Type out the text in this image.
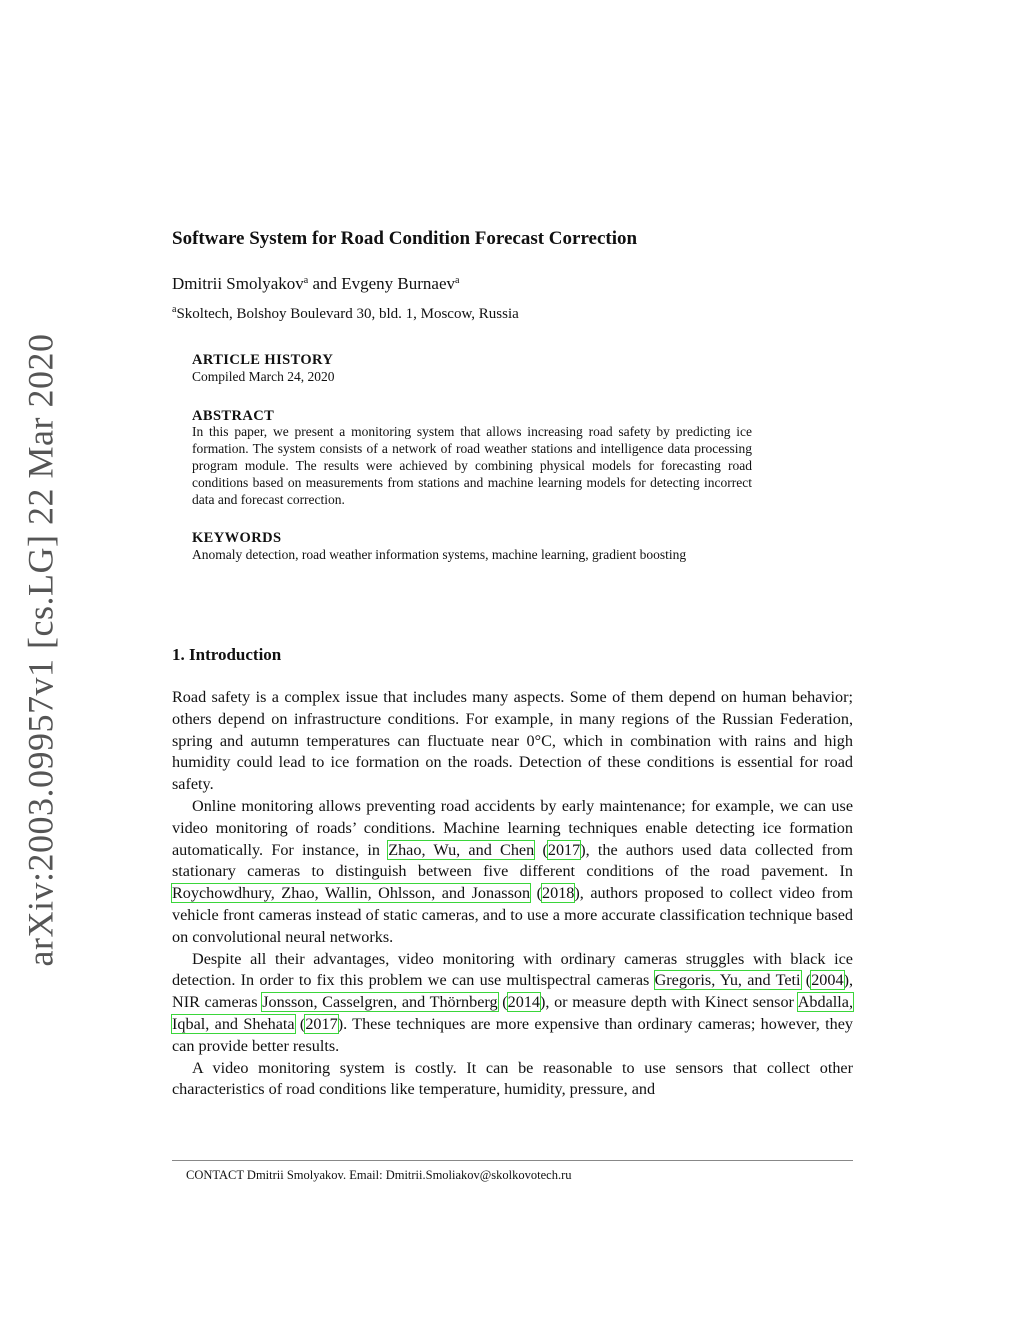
arXiv:2003.09957v1 [cs.LG] 22 Mar 2020
Software System for Road Condition Forecast Correction
Dmitrii Smolyakov$^a$ and Evgeny Burnaev$^a$
$^a$Skoltech, Bolshoy Boulevard 30, bld. 1, Moscow, Russia

ARTICLE HISTORY

Compiled March 24, 2020

ABSTRACT

In this paper, we present a monitoring system that allows increasing road safety by predicting ice formation. The system consists of a network of road weather stations and intelligence data processing program module. The results were achieved by combining physical models for forecasting road conditions based on measurements from stations and machine learning models for detecting incorrect data and forecast correction.

KEYWORDS

Anomaly detection, road weather information systems, machine learning, gradient boosting

1. Introduction

Road safety is a complex issue that includes many aspects. Some of them depend on human behavior; others depend on infrastructure conditions. For example, in many regions of the Russian Federation, spring and autumn temperatures can fluctuate near 0°C, which in combination with rains and high humidity could lead to ice formation on the roads. Detection of these conditions is essential for road safety.

Online monitoring allows preventing road accidents by early maintenance; for example, we can use video monitoring of roads’ conditions. Machine learning techniques enable detecting ice formation automatically. For instance, in Zhao, Wu, and Chen (2017), the authors used data collected from stationary cameras to distinguish between five different conditions of the road pavement. In Roychowdhury, Zhao, Wallin, Ohlsson, and Jonasson (2018), authors proposed to collect video from vehicle front cameras instead of static cameras, and to use a more accurate classification technique based on convolutional neural networks.

Despite all their advantages, video monitoring with ordinary cameras struggles with black ice detection. In order to fix this problem we can use multispectral cameras Gregoris, Yu, and Teti (2004), NIR cameras Jonsson, Casselgren, and Thörnberg (2014), or measure depth with Kinect sensor Abdalla, Iqbal, and Shehata (2017). These techniques are more expensive than ordinary cameras; however, they can provide better results.

A video monitoring system is costly. It can be reasonable to use sensors that collect other characteristics of road conditions like temperature, humidity, pressure, and

CONTACT Dmitrii Smolyakov. Email: Dmitrii.Smoliakov@skolkovotech.ru
